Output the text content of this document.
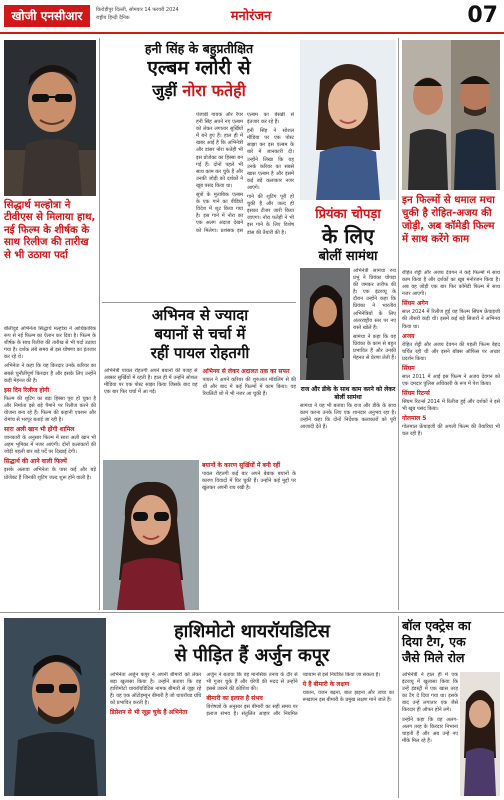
खोजी एनसीआर	किरोड़ीपुर दिल्ली, सोमवार 14 फरवरी 2024
राष्ट्रीय हिन्दी दैनिक	मनोरंजन	07
सिद्धार्थ मल्होत्रा ने टीवीएस से मिलाया हाथ, नई फिल्म के शीर्षक के साथ रिलीज की तारीख से भी उठाया पर्दा

बॉलीवुड अभिनेता सिद्धार्थ मल्होत्रा ने आधिकारिक रूप से नई फिल्म का ऐलान कर दिया है। फिल्म के शीर्षक के साथ रिलीज की तारीख से भी पर्दा उठाया गया है। दर्शक लंबे समय से इस घोषणा का इंतजार कर रहे थे।

अभिनेता ने कहा कि यह किरदार उनके करियर का सबसे चुनौतीपूर्ण किरदार है और इसके लिए उन्होंने कड़ी मेहनत की है।

इस दिन रिलीज होगी

फिल्म की शूटिंग का बड़ा हिस्सा पूरा हो चुका है और निर्माता इसे बड़े पैमाने पर रिलीज करने की योजना बना रहे हैं। फिल्म की कहानी एक्शन और रोमांच से भरपूर बताई जा रही है।

सारा अली खान भी होंगी शामिल

जानकारी के अनुसार फिल्म में सारा अली खान भी अहम भूमिका में नजर आएंगी। दोनों कलाकारों की जोड़ी पहली बार बड़े पर्दे पर दिखाई देगी।

सिद्धार्थ की आने वाली फिल्में

इसके अलावा अभिनेता के पास कई और बड़े प्रोजेक्ट हैं जिनकी शूटिंग जल्द शुरू होने वाली है।

हनी सिंह के बहुप्रतीक्षित
एल्बम ग्लोरी से
जुड़ीं नोरा फतेही

पंजाबी गायक और रैपर हनी सिंह अपने नए एल्बम को लेकर लगातार सुर्खियों में बने हुए हैं। हाल ही में खबर आई है कि अभिनेत्री और डांसर नोरा फतेही भी इस प्रोजेक्ट का हिस्सा बन गई हैं। दोनों पहले भी साथ काम कर चुके हैं और उनकी जोड़ी को दर्शकों ने खूब पसंद किया था।

सूत्रों के मुताबिक एल्बम के एक गाने का वीडियो विदेश में शूट किया गया है। इस गाने में नोरा का एक अलग अंदाज देखने को मिलेगा। प्रशंसक इस एल्बम का बेसब्री से इंतजार कर रहे हैं।

हनी सिंह ने सोशल मीडिया पर एक पोस्ट साझा कर इस एल्बम के बारे में जानकारी दी। उन्होंने लिखा कि यह उनके करियर का सबसे खास एल्बम है और इसमें कई बड़े कलाकार नजर आएंगे।

गाने की शूटिंग पूरी हो चुकी है और जल्द ही इसका टीजर जारी किया जाएगा। नोरा फतेही ने भी इस गाने के लिए विशेष डांस की तैयारी की है।

अभिनव से ज्यादा
बयानों से चर्चा में
रहीं पायल रोहतगी

अभिनेत्री पायल रोहतगी अपने बयानों की वजह से अक्सर सुर्खियों में रहती हैं। हाल ही में उन्होंने सोशल मीडिया पर एक पोस्ट साझा किया जिसके बाद वह एक बार फिर चर्चा में आ गईं।

अभिनय से लेकर अदालत तक का सफर

पायल ने अपने करियर की शुरुआत मॉडलिंग से की थी और बाद में कई फिल्मों में काम किया। वह रियलिटी शो में भी नजर आ चुकी हैं।

बयानों के कारण सुर्खियों में बनी रहीं

पायल रोहतगी कई बार अपने बेबाक बयानों के कारण विवादों में घिर चुकी हैं। उन्होंने कई मुद्दों पर खुलकर अपनी राय रखी है।

प्रियंका चोपड़ा
के लिए
बोलीं सामंथा

अभिनेत्री सामंथा रुथ प्रभु ने प्रियंका चोपड़ा की जमकर तारीफ की है। एक इंटरव्यू के दौरान उन्होंने कहा कि प्रियंका ने भारतीय अभिनेत्रियों के लिए अंतरराष्ट्रीय स्तर पर नए रास्ते खोले हैं।

सामंथा ने कहा कि वह प्रियंका के काम से बहुत प्रभावित हैं और उनकी मेहनत से प्रेरणा लेती हैं।

राज और डीके के साथ काम करने को लेकर बोलीं सामंथा

सामंथा ने यह भी बताया कि राज और डीके के साथ काम करना उनके लिए एक शानदार अनुभव रहा है। उन्होंने कहा कि दोनों निर्देशक कलाकारों को पूरी आजादी देते हैं।

इन फिल्मों से धमाल मचा चुकी है रोहित-अजय की जोड़ी, अब कॉमेडी फिल्म में साथ करेंगे काम

रोहित शेट्टी और अजय देवगन ने कई फिल्मों में साथ काम किया है और दर्शकों का खूब मनोरंजन किया है। अब यह जोड़ी एक बार फिर कॉमेडी फिल्म में साथ नजर आएगी।

सिंघम अगेन

साल 2024 में रिलीज हुई यह फिल्म सिंघम फ्रेंचाइजी की तीसरी कड़ी थी। इसमें कई बड़े सितारों ने अभिनय किया था।

अजय

रोहित शेट्टी और अजय देवगन की पहली फिल्म बेहद चर्चित रही थी और इसने बॉक्स ऑफिस पर अच्छा प्रदर्शन किया।

सिंघम

साल 2011 में आई इस फिल्म ने अजय देवगन को एक दमदार पुलिस अधिकारी के रूप में पेश किया।

सिंघम रिटर्न्स

सिंघम रिटर्न्स 2014 में रिलीज हुई और दर्शकों ने इसे भी खूब पसंद किया।

गोलमाल 5

गोलमाल फ्रेंचाइजी की अगली फिल्म की तैयारियां भी चल रही हैं।

हाशिमोटो थायरॉयडिटिस
से पीड़ित हैं अर्जुन कपूर

अभिनेता अर्जुन कपूर ने अपनी बीमारी को लेकर बड़ा खुलासा किया है। उन्होंने बताया कि वह हाशिमोटो थायरॉयडिटिस नामक बीमारी से जूझ रहे हैं। यह एक ऑटोइम्यून बीमारी है जो थायरॉयड ग्रंथि को प्रभावित करती है।

डिप्रेशन से भी जूझ चुके हैं अभिनेता

अर्जुन ने बताया कि वह मानसिक तनाव के दौर से भी गुजर चुके हैं और थेरेपी की मदद से उन्होंने इससे उबरने की कोशिश की।

बीमारी का इलाज है संभव

विशेषज्ञों के अनुसार इस बीमारी का सही समय पर इलाज संभव है। संतुलित आहार और नियमित व्यायाम से इसे नियंत्रित किया जा सकता है।

ये हैं बीमारी के लक्षण

थकान, वजन बढ़ना, बाल झड़ना और त्वचा का रूखापन इस बीमारी के प्रमुख लक्षण माने जाते हैं।

बॉल एक्ट्रेस का
दिया टैग, एक
जैसे मिले रोल

अभिनेत्री ने हाल ही में एक इंटरव्यू में खुलासा किया कि उन्हें इंडस्ट्री में एक खास तरह का टैग दे दिया गया था। इसके बाद उन्हें लगातार एक जैसे किरदार ही ऑफर होने लगे।

उन्होंने कहा कि वह अलग-अलग तरह के किरदार निभाना चाहती हैं और अब उन्हें नए मौके मिल रहे हैं।
